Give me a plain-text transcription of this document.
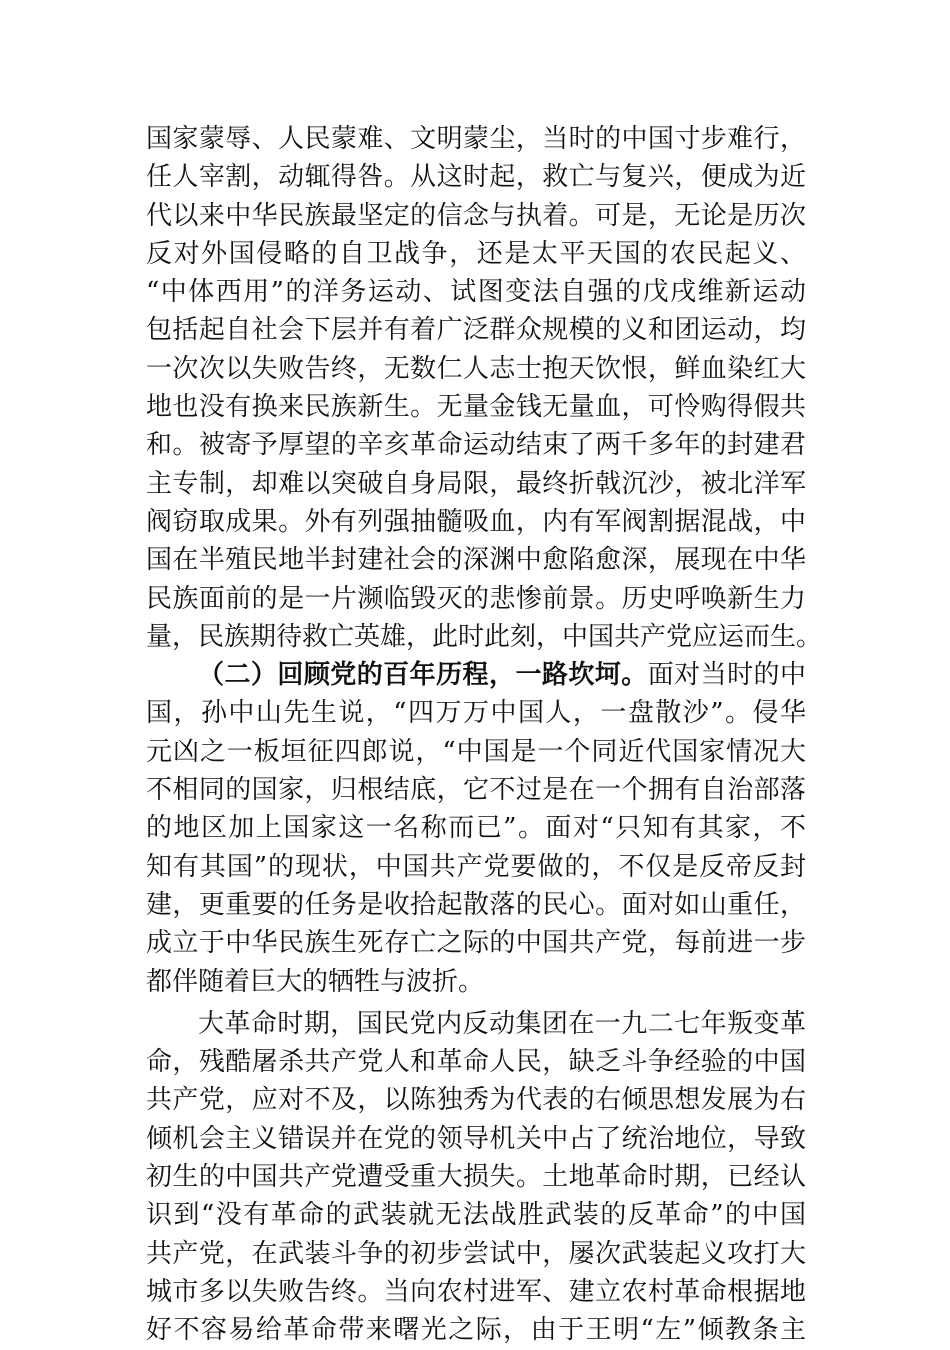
国家蒙辱、人民蒙难、文明蒙尘，当时的中国寸步难行，
任人宰割，动辄得咎。从这时起，救亡与复兴，便成为近
代以来中华民族最坚定的信念与执着。可是，无论是历次
反对外国侵略的自卫战争，还是太平天国的农民起义、
“中体西用”的洋务运动、试图变法自强的戊戌维新运动
包括起自社会下层并有着广泛群众规模的义和团运动，均
一次次以失败告终，无数仁人志士抱天饮恨，鲜血染红大
地也没有换来民族新生。无量金钱无量血，可怜购得假共
和。被寄予厚望的辛亥革命运动结束了两千多年的封建君
主专制，却难以突破自身局限，最终折戟沉沙，被北洋军
阀窃取成果。外有列强抽髓吸血，内有军阀割据混战，中
国在半殖民地半封建社会的深渊中愈陷愈深，展现在中华
民族面前的是一片濒临毁灭的悲惨前景。历史呼唤新生力
量，民族期待救亡英雄，此时此刻，中国共产党应运而生。
（二）回顾党的百年历程，一路坎坷。面对当时的中
国，孙中山先生说，“四万万中国人，一盘散沙”。侵华
元凶之一板垣征四郎说，“中国是一个同近代国家情况大
不相同的国家，归根结底，它不过是在一个拥有自治部落
的地区加上国家这一名称而已”。面对“只知有其家，不
知有其国”的现状，中国共产党要做的，不仅是反帝反封
建，更重要的任务是收拾起散落的民心。面对如山重任，
成立于中华民族生死存亡之际的中国共产党，每前进一步
都伴随着巨大的牺牲与波折。
大革命时期，国民党内反动集团在一九二七年叛变革
命，残酷屠杀共产党人和革命人民，缺乏斗争经验的中国
共产党，应对不及，以陈独秀为代表的右倾思想发展为右
倾机会主义错误并在党的领导机关中占了统治地位，导致
初生的中国共产党遭受重大损失。土地革命时期，已经认
识到“没有革命的武装就无法战胜武装的反革命”的中国
共产党，在武装斗争的初步尝试中，屡次武装起义攻打大
城市多以失败告终。当向农村进军、建立农村革命根据地
好不容易给革命带来曙光之际，由于王明“左”倾教条主
